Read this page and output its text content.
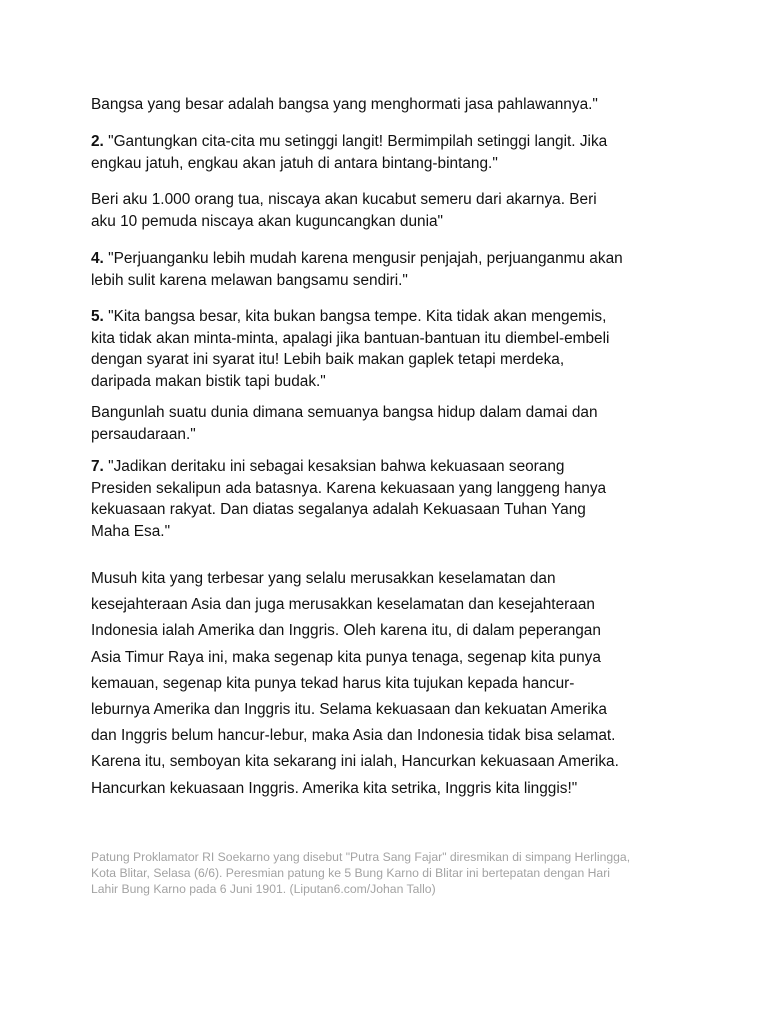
Bangsa yang besar adalah bangsa yang menghormati jasa pahlawannya."

2. "Gantungkan cita-cita mu setinggi langit! Bermimpilah setinggi langit. Jika
engkau jatuh, engkau akan jatuh di antara bintang-bintang."

Beri aku 1.000 orang tua, niscaya akan kucabut semeru dari akarnya. Beri
aku 10 pemuda niscaya akan kuguncangkan dunia"

4. "Perjuanganku lebih mudah karena mengusir penjajah, perjuanganmu akan
lebih sulit karena melawan bangsamu sendiri."

5. "Kita bangsa besar, kita bukan bangsa tempe. Kita tidak akan mengemis,
kita tidak akan minta-minta, apalagi jika bantuan-bantuan itu diembel-embeli
dengan syarat ini syarat itu! Lebih baik makan gaplek tetapi merdeka,
daripada makan bistik tapi budak."

Bangunlah suatu dunia dimana semuanya bangsa hidup dalam damai dan
persaudaraan."

7. "Jadikan deritaku ini sebagai kesaksian bahwa kekuasaan seorang
Presiden sekalipun ada batasnya. Karena kekuasaan yang langgeng hanya
kekuasaan rakyat. Dan diatas segalanya adalah Kekuasaan Tuhan Yang
Maha Esa."

Musuh kita yang terbesar yang selalu merusakkan keselamatan dan
kesejahteraan Asia dan juga merusakkan keselamatan dan kesejahteraan
Indonesia ialah Amerika dan Inggris. Oleh karena itu, di dalam peperangan
Asia Timur Raya ini, maka segenap kita punya tenaga, segenap kita punya
kemauan, segenap kita punya tekad harus kita tujukan kepada hancur-
leburnya Amerika dan Inggris itu. Selama kekuasaan dan kekuatan Amerika
dan Inggris belum hancur-lebur, maka Asia dan Indonesia tidak bisa selamat.
Karena itu, semboyan kita sekarang ini ialah, Hancurkan kekuasaan Amerika.
Hancurkan kekuasaan Inggris. Amerika kita setrika, Inggris kita linggis!"

Patung Proklamator RI Soekarno yang disebut "Putra Sang Fajar" diresmikan di simpang Herlingga,
Kota Blitar, Selasa (6/6). Peresmian patung ke 5 Bung Karno di Blitar ini bertepatan dengan Hari
Lahir Bung Karno pada 6 Juni 1901. (Liputan6.com/Johan Tallo)
